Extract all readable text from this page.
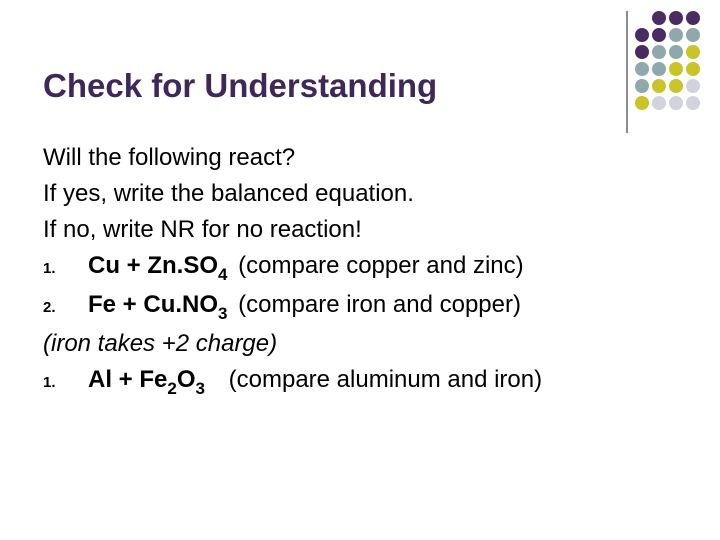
Check for Understanding
Will the following react?
If yes, write the balanced equation.
If no, write NR for no reaction!
1.	$Cu + Zn.SO_4$ (compare copper and zinc)
2.	$Fe + Cu.NO_3$ (compare iron and copper)
(iron takes +2 charge)
1.	$Al + Fe_2O_3$ (compare aluminum and iron)
